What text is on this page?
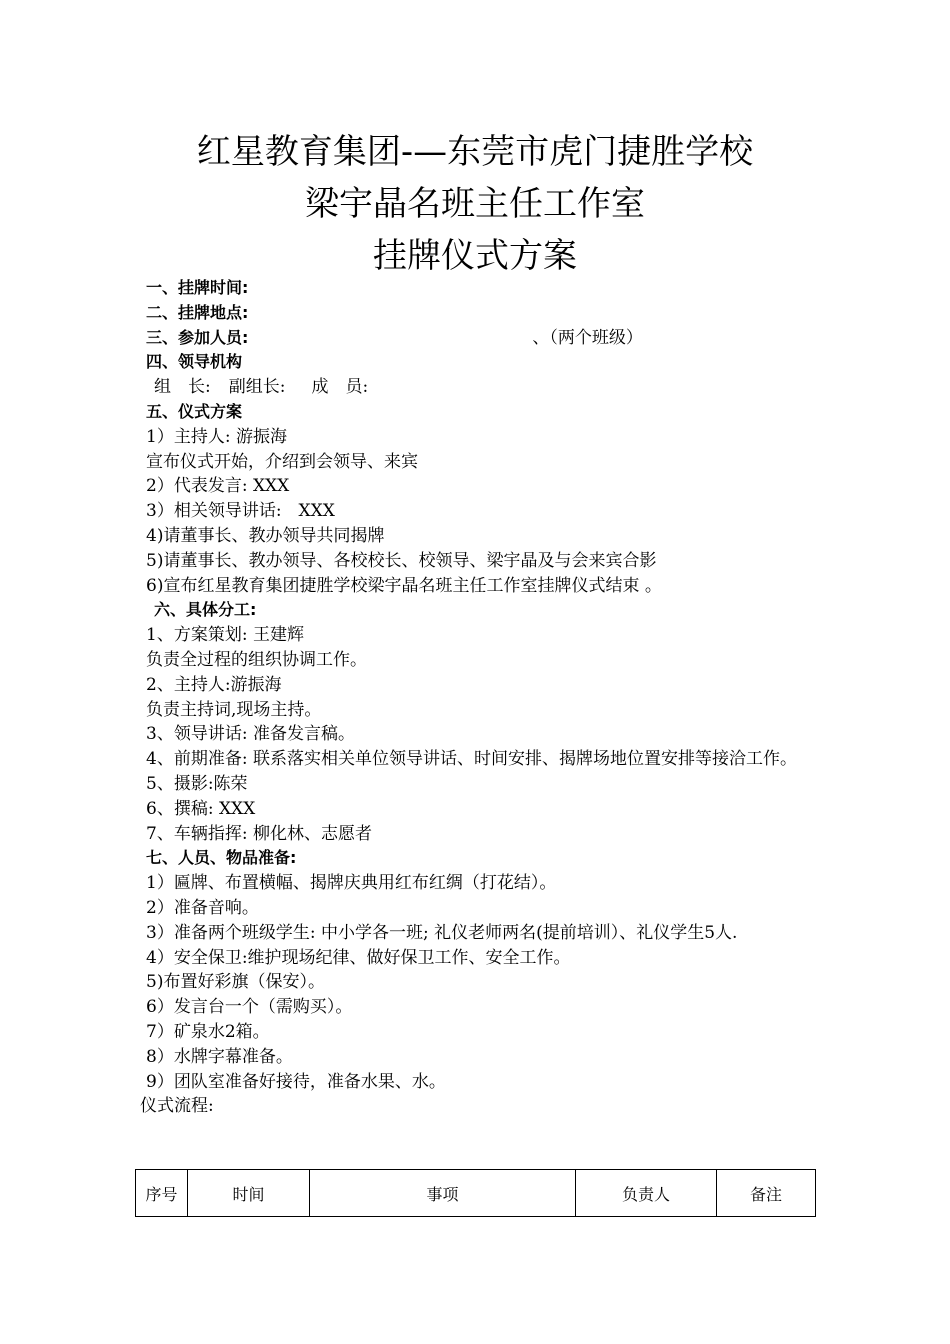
红星教育集团-—东莞市虎门捷胜学校
梁宇晶名班主任工作室
挂牌仪式方案
一、挂牌时间:
二、挂牌地点:
三、参加人员:	、（两个班级）
四、领导机构
组　长: 副组长: 成　员:
五、仪式方案
1）主持人: 游振海
宣布仪式开始，介绍到会领导、来宾
2）代表发言: XXX
3）相关领导讲话:　XXX
4)请董事长、教办领导共同揭牌
5)请董事长、教办领导、各校校长、校领导、梁宇晶及与会来宾合影
6)宣布红星教育集团捷胜学校梁宇晶名班主任工作室挂牌仪式结束 。
六、具体分工:
1、方案策划: 王建辉
负责全过程的组织协调工作。
2、主持人:游振海
负责主持词,现场主持。
3、领导讲话: 准备发言稿。
4、前期准备: 联系落实相关单位领导讲话、时间安排、揭牌场地位置安排等接洽工作。
5、摄影:陈荣
6、撰稿: XXX
7、车辆指挥: 柳化林、志愿者
七、人员、物品准备:
1）匾牌、布置横幅、揭牌庆典用红布红绸（打花结）。
2）准备音响。
3）准备两个班级学生: 中小学各一班; 礼仪老师两名(提前培训）、礼仪学生5人.
4）安全保卫:维护现场纪律、做好保卫工作、安全工作。
5)布置好彩旗（保安）。
6）发言台一个（需购买）。
7）矿泉水2箱。
8）水牌字幕准备。
9）团队室准备好接待，准备水果、水。
仪式流程:
序号	时间	事项	负责人	备注
